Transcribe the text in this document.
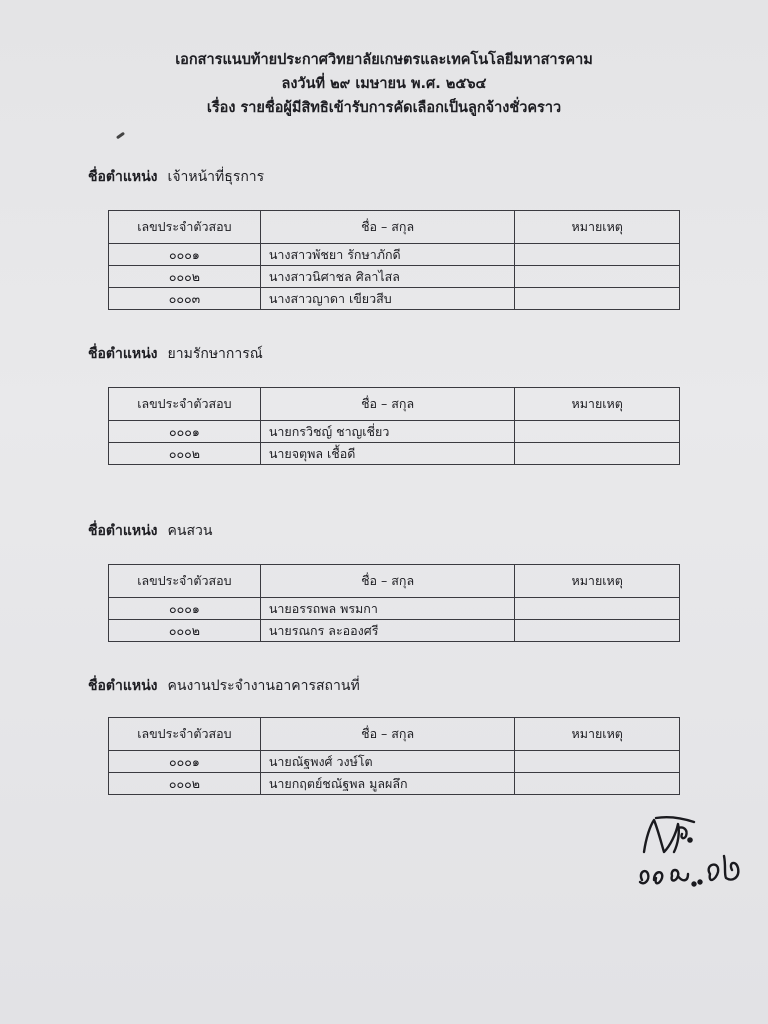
เอกสารแนบท้ายประกาศวิทยาลัยเกษตรและเทคโนโลยีมหาสารคาม
ลงวันที่ ๒๙ เมษายน พ.ศ. ๒๕๖๔
เรื่อง รายชื่อผู้มีสิทธิเข้ารับการคัดเลือกเป็นลูกจ้างชั่วคราว
ชื่อตำแหน่ง เจ้าหน้าที่ธุรการ
เลขประจำตัวสอบ	ชื่อ – สกุล	หมายเหตุ
๐๐๐๑	นางสาวพัชยา รักษาภักดี	
๐๐๐๒	นางสาวนิศาชล ศิลาไสล	
๐๐๐๓	นางสาวญาดา เขียวสีบ	
ชื่อตำแหน่ง ยามรักษาการณ์
เลขประจำตัวสอบ	ชื่อ – สกุล	หมายเหตุ
๐๐๐๑	นายกรวิชญ์ ชาญเชี่ยว	
๐๐๐๒	นายจตุพล เชื้อดี	
ชื่อตำแหน่ง คนสวน
เลขประจำตัวสอบ	ชื่อ – สกุล	หมายเหตุ
๐๐๐๑	นายอรรถพล พรมกา	
๐๐๐๒	นายรณกร ละอองศรี	
ชื่อตำแหน่ง คนงานประจำงานอาคารสถานที่
เลขประจำตัวสอบ	ชื่อ – สกุล	หมายเหตุ
๐๐๐๑	นายณัฐพงศ์ วงษ์โต	
๐๐๐๒	นายกฤตย์ชณัฐพล มูลผลึก	
